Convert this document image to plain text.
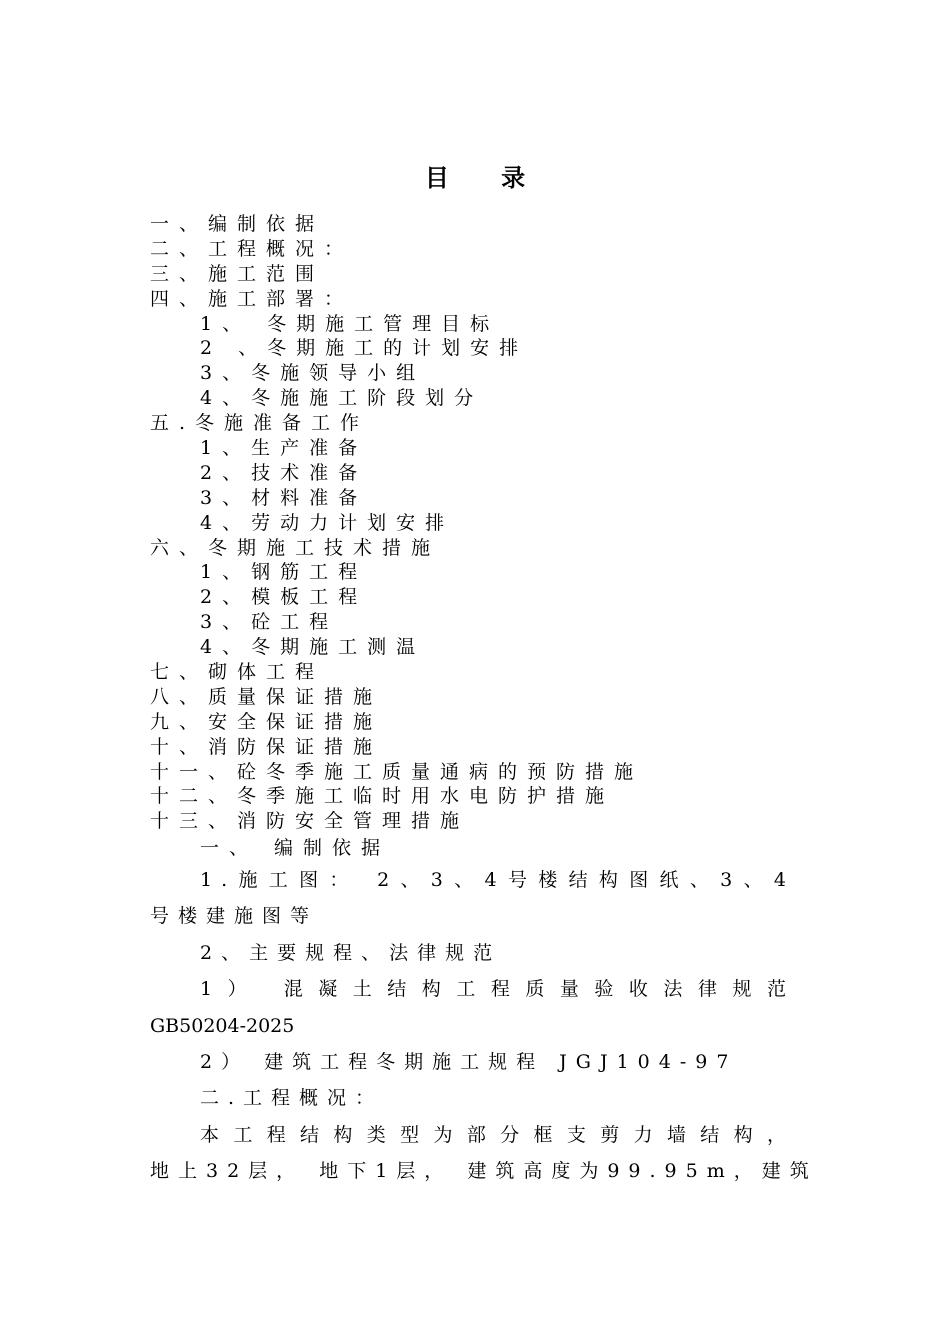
目 录
一、编制依据
二、工程概况：
三、施工范围
四、施工部署：
1、 冬期施工管理目标
2 、冬期施工的计划安排
3、冬施领导小组
4、冬施施工阶段划分
五.冬施准备工作
1、生产准备
2、技术准备
3、材料准备
4、劳动力计划安排
六、冬期施工技术措施
1、钢筋工程
2、模板工程
3、砼工程
4、冬期施工测温
七、砌体工程
八、质量保证措施
九、安全保证措施
十、消防保证措施
十一、砼冬季施工质量通病的预防措施
十二、冬季施工临时用水电防护措施
十三、消防安全管理措施

一、 编制依据

1.施工图： 2、3、4号楼结构图纸、3、4

号楼建施图等

2、主要规程、法律规范

1） 混凝土结构工程质量验收法律规范

GB50204-2025

2） 建筑工程冬期施工规程 JGJ104-97

二.工程概况：

本工程结构类型为部分框支剪力墙结构，

地上32层， 地下1层， 建筑高度为99.95m，建筑
